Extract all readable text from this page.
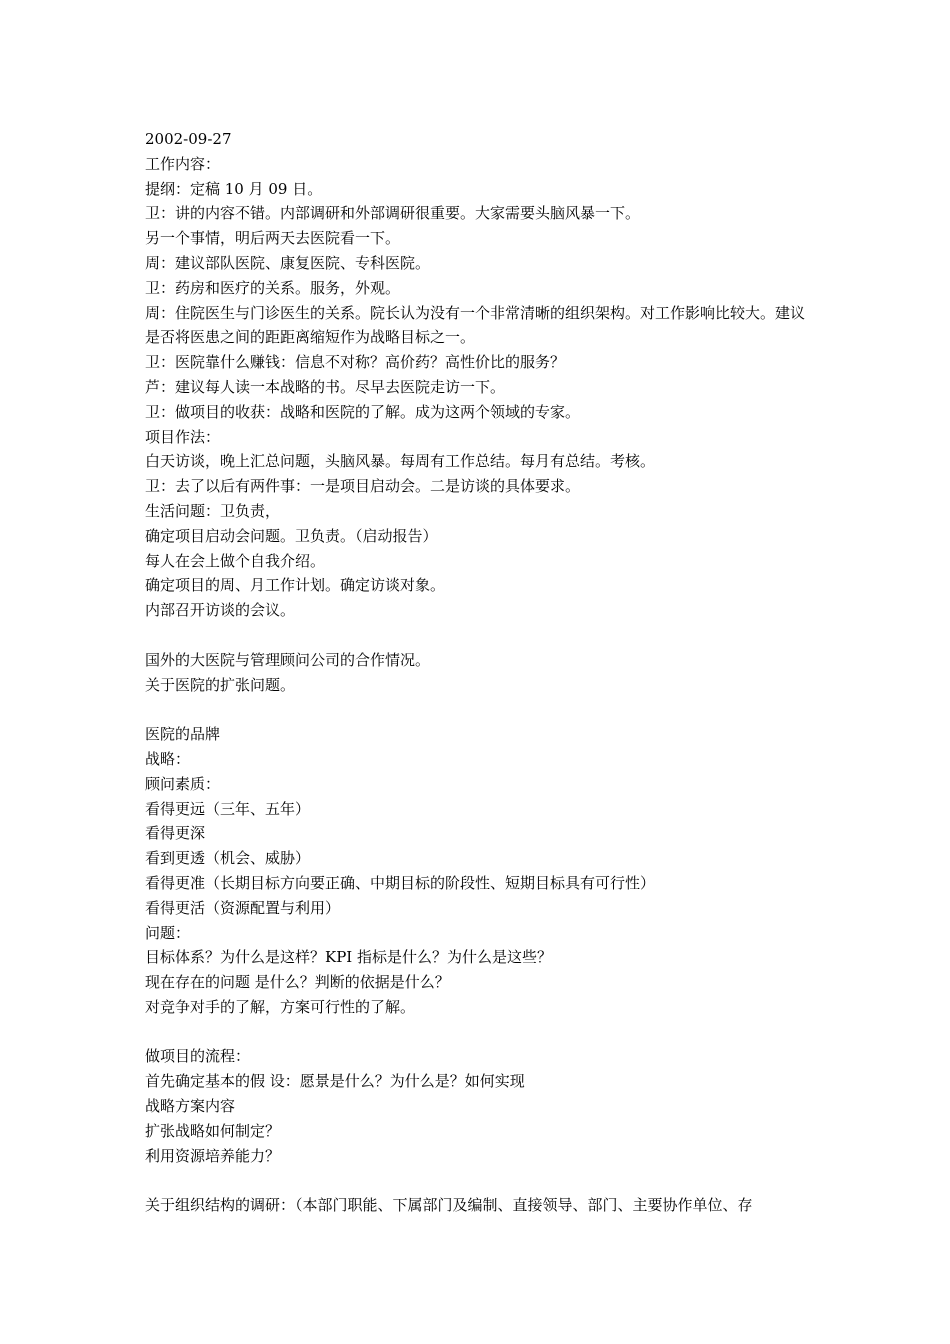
2002-09-27

工作内容：

提纲：定稿 10 月 09 日。

卫：讲的内容不错。内部调研和外部调研很重要。大家需要头脑风暴一下。

另一个事情，明后两天去医院看一下。

周：建议部队医院、康复医院、专科医院。

卫：药房和医疗的关系。服务，外观。

周：住院医生与门诊医生的关系。院长认为没有一个非常清晰的组织架构。对工作影响比较大。建议是否将医患之间的距距离缩短作为战略目标之一。

卫：医院靠什么赚钱：信息不对称？高价药？高性价比的服务？

芦：建议每人读一本战略的书。尽早去医院走访一下。

卫：做项目的收获：战略和医院的了解。成为这两个领域的专家。

项目作法：

白天访谈，晚上汇总问题，头脑风暴。每周有工作总结。每月有总结。考核。

卫：去了以后有两件事：一是项目启动会。二是访谈的具体要求。

生活问题：卫负责，

确定项目启动会问题。卫负责。（启动报告）

每人在会上做个自我介绍。

确定项目的周、月工作计划。确定访谈对象。

内部召开访谈的会议。

国外的大医院与管理顾问公司的合作情况。

关于医院的扩张问题。

医院的品牌

战略：

顾问素质：

看得更远（三年、五年）

看得更深

看到更透（机会、威胁）

看得更准（长期目标方向要正确、中期目标的阶段性、短期目标具有可行性）

看得更活（资源配置与利用）

问题：

目标体系？为什么是这样？KPI 指标是什么？为什么是这些？

现在存在的问题 是什么？判断的依据是什么？

对竞争对手的了解，方案可行性的了解。

做项目的流程：

首先确定基本的假 设：愿景是什么？为什么是？如何实现

战略方案内容

扩张战略如何制定？

利用资源培养能力？

关于组织结构的调研：（本部门职能、下属部门及编制、直接领导、部门、主要协作单位、存
